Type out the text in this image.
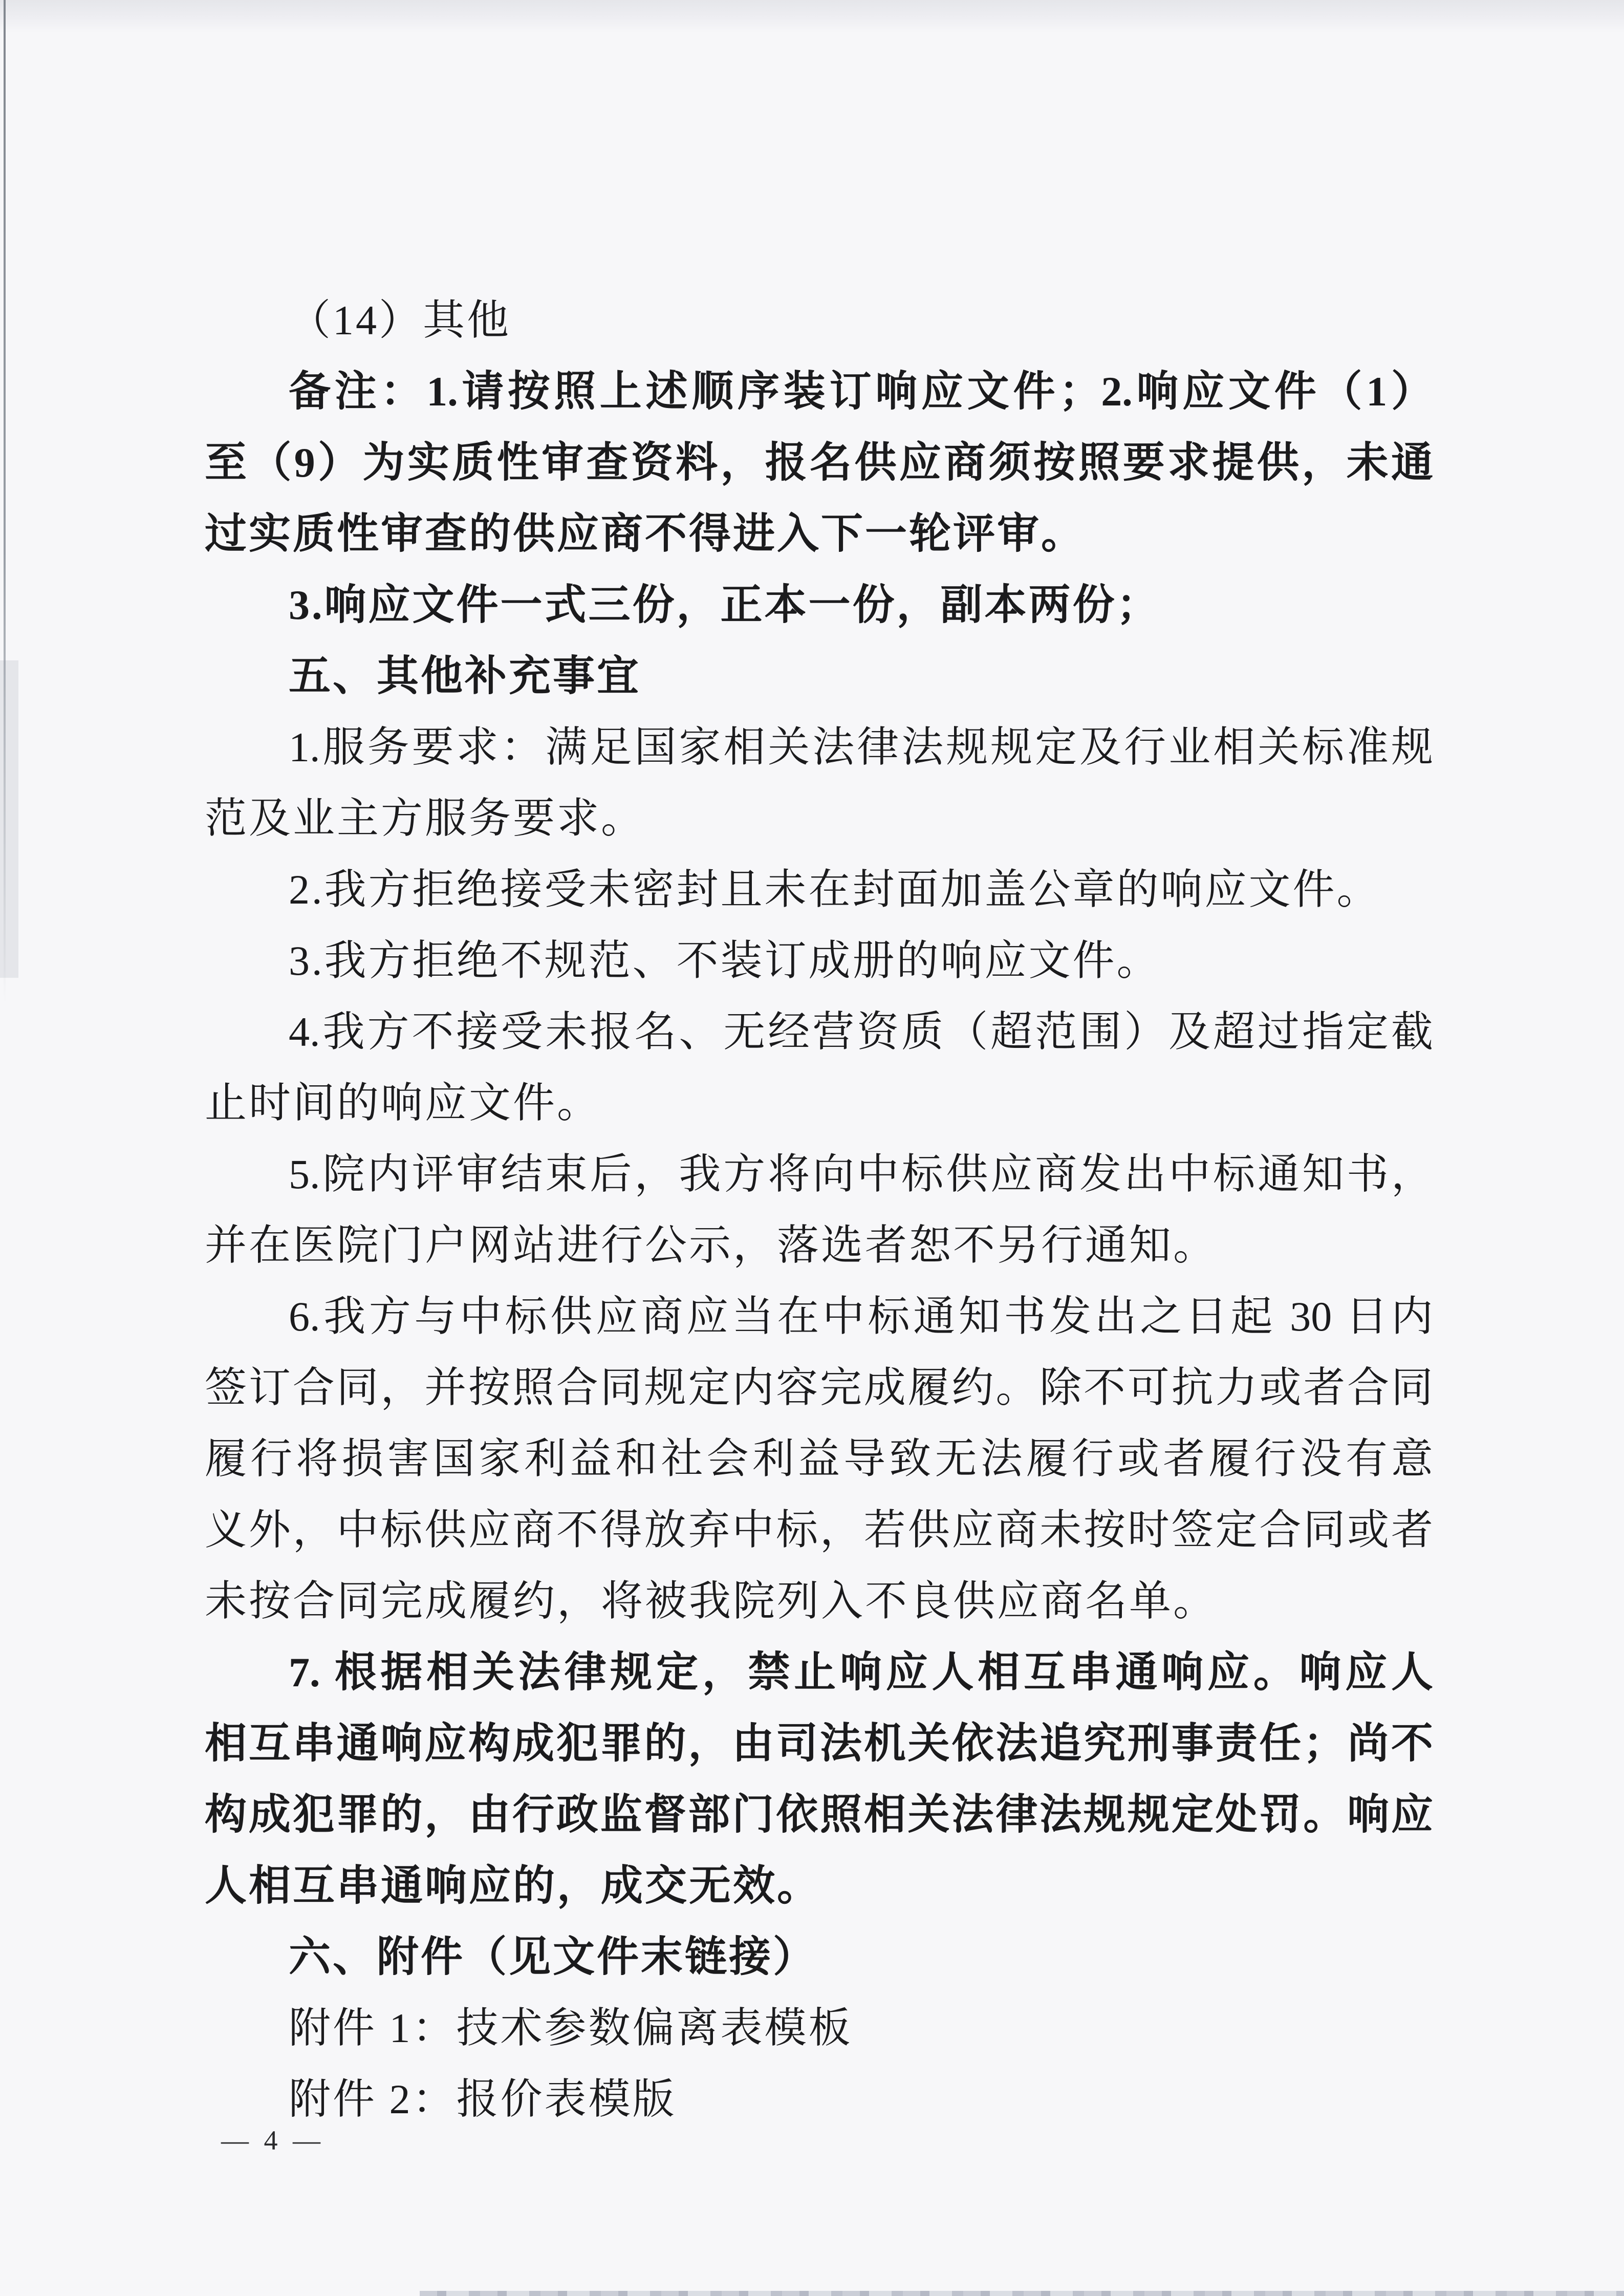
（14）其他
备注：1.请按照上述顺序装订响应文件；2.响应文件（1）
至（9）为实质性审查资料，报名供应商须按照要求提供，未通
过实质性审查的供应商不得进入下一轮评审。
3.响应文件一式三份，正本一份，副本两份；
五、其他补充事宜
1.服务要求：满足国家相关法律法规规定及行业相关标准规
范及业主方服务要求。
2.我方拒绝接受未密封且未在封面加盖公章的响应文件。
3.我方拒绝不规范、不装订成册的响应文件。
4.我方不接受未报名、无经营资质（超范围）及超过指定截
止时间的响应文件。
5.院内评审结束后，我方将向中标供应商发出中标通知书，
并在医院门户网站进行公示，落选者恕不另行通知。
6.我方与中标供应商应当在中标通知书发出之日起 30 日内
签订合同，并按照合同规定内容完成履约。除不可抗力或者合同
履行将损害国家利益和社会利益导致无法履行或者履行没有意
义外，中标供应商不得放弃中标，若供应商未按时签定合同或者
未按合同完成履约，将被我院列入不良供应商名单。
7. 根据相关法律规定，禁止响应人相互串通响应。响应人
相互串通响应构成犯罪的，由司法机关依法追究刑事责任；尚不
构成犯罪的，由行政监督部门依照相关法律法规规定处罚。响应
人相互串通响应的，成交无效。
六、附件（见文件末链接）
附件 1：技术参数偏离表模板
附件 2：报价表模版
— 4 —
